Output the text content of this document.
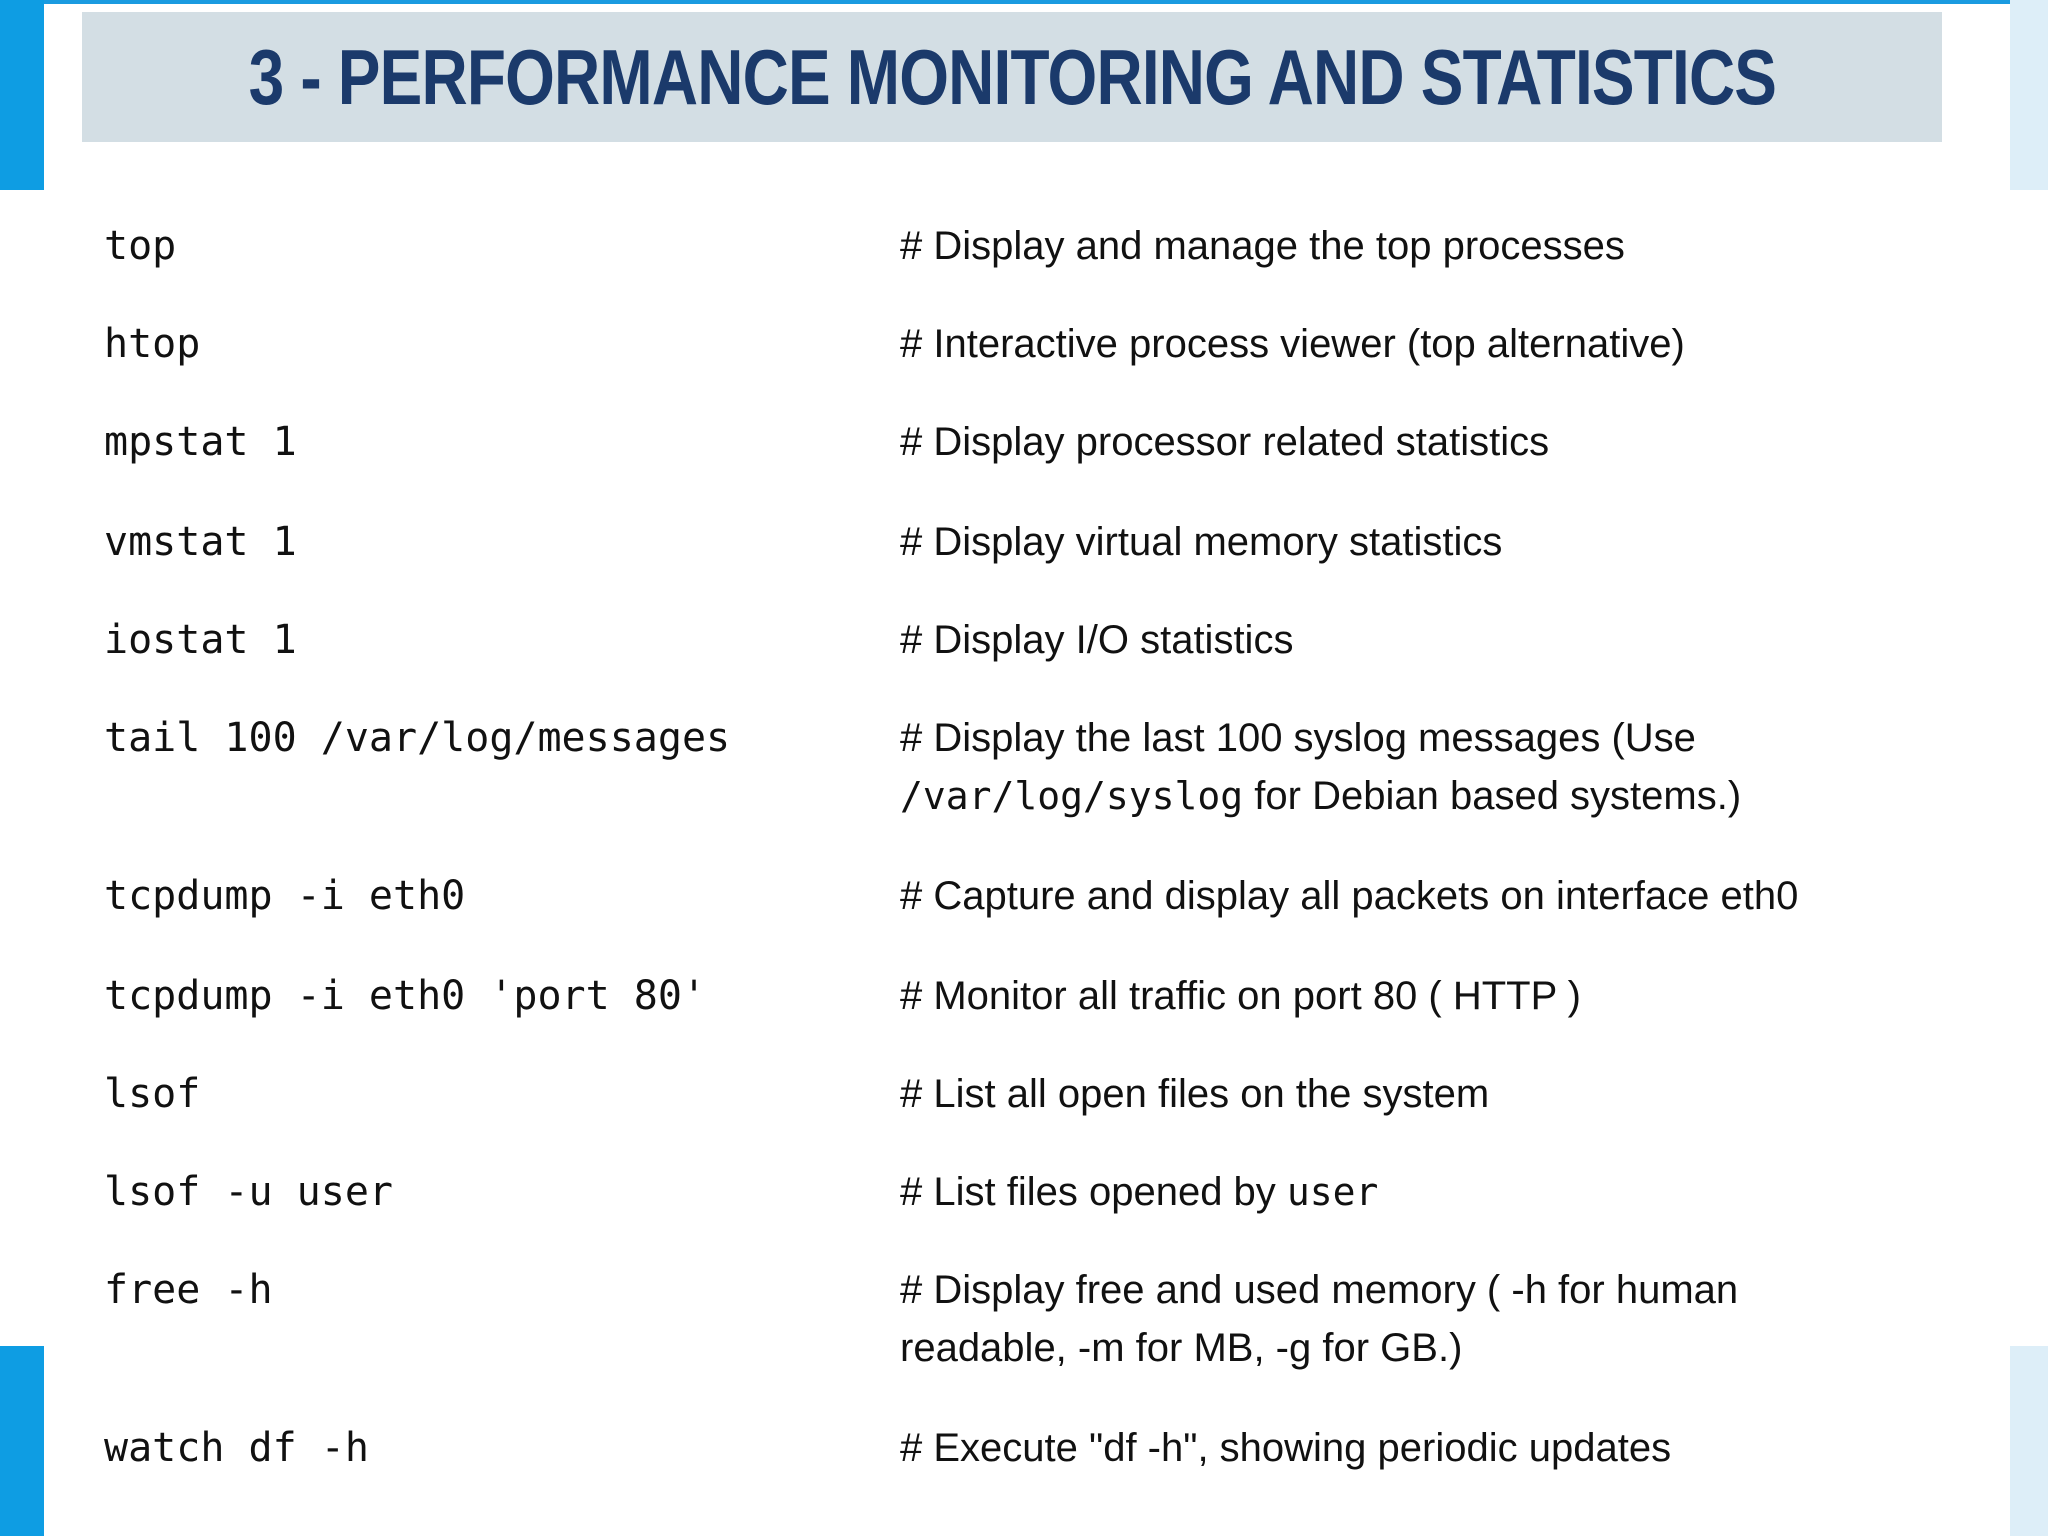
3 - PERFORMANCE MONITORING AND STATISTICS
top	# Display and manage the top processes
htop	# Interactive process viewer (top alternative)
mpstat 1	# Display processor related statistics
vmstat 1	# Display virtual memory statistics
iostat 1	# Display I/O statistics
tail 100 /var/log/messages	# Display the last 100 syslog messages (Use
/var/log/syslog for Debian based systems.)
tcpdump -i eth0	# Capture and display all packets on interface eth0
tcpdump -i eth0 'port 80'	# Monitor all traffic on port 80 ( HTTP )
lsof	# List all open files on the system
lsof -u user	# List files opened by user
free -h	# Display free and used memory ( -h for human readable, -m for MB, -g for GB.)
watch df -h	# Execute "df -h", showing periodic updates
